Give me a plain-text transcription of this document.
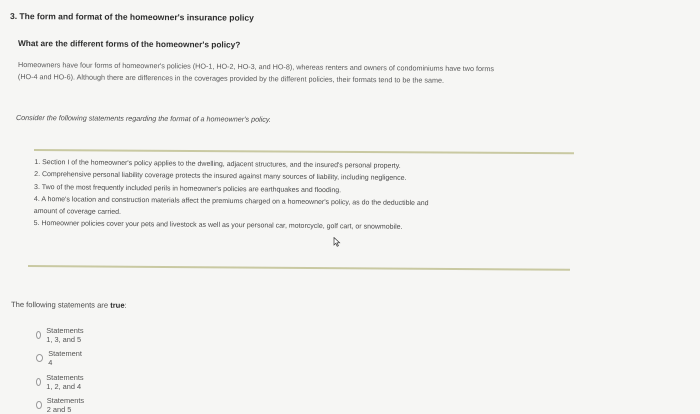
3. The form and format of the homeowner's insurance policy
What are the different forms of the homeowner's policy?
Homeowners have four forms of homeowner's policies (HO-1, HO-2, HO-3, and HO-8), whereas renters and owners of condominiums have two forms
(HO-4 and HO-6). Although there are differences in the coverages provided by the different policies, their formats tend to be the same.
Consider the following statements regarding the format of a homeowner's policy.
1. Section I of the homeowner's policy applies to the dwelling, adjacent structures, and the insured's personal property.
2. Comprehensive personal liability coverage protects the insured against many sources of liability, including negligence.
3. Two of the most frequently included perils in homeowner's policies are earthquakes and flooding.
4. A home's location and construction materials affect the premiums charged on a homeowner's policy, as do the deductible and
amount of coverage carried.
5. Homeowner policies cover your pets and livestock as well as your personal car, motorcycle, golf cart, or snowmobile.
The following statements are true:
Statements 1, 3, and 5
Statement 4
Statements 1, 2, and 4
Statements 2 and 5
